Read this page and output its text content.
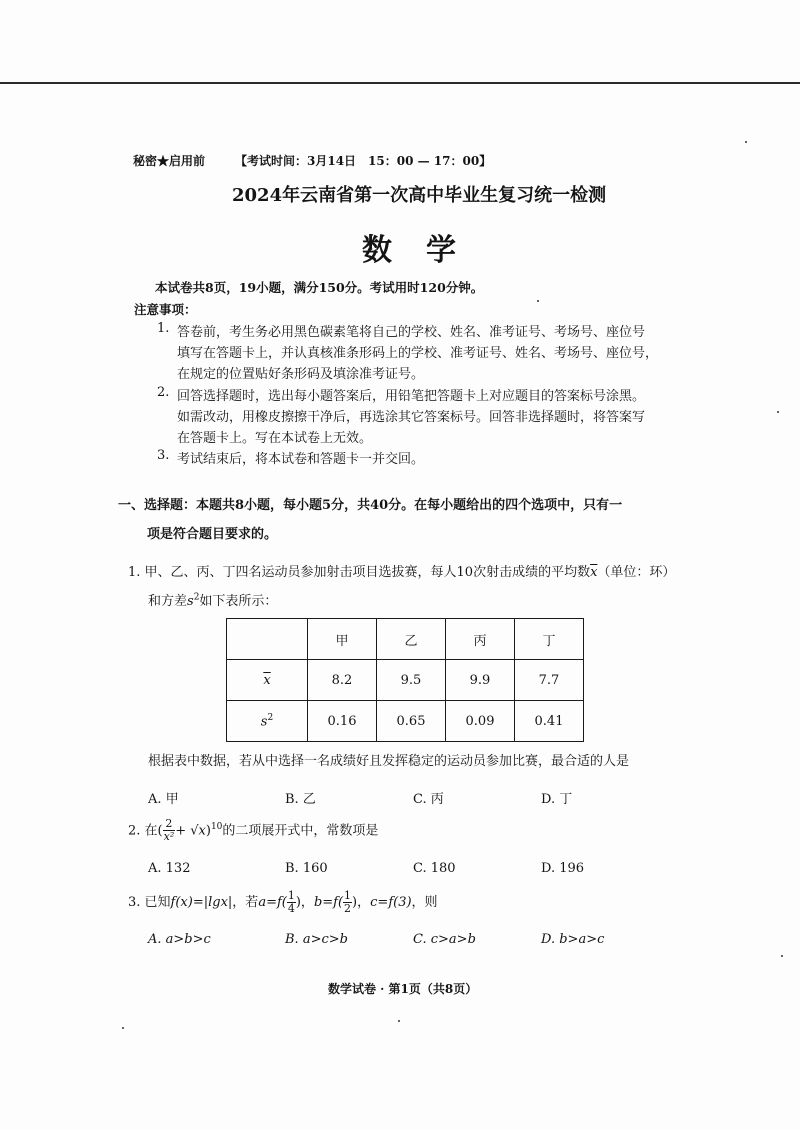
秘密★启用前 【考试时间：3月14日　15：00 — 17：00】
2024年云南省第一次高中毕业生复习统一检测
数学
本试卷共8页，19小题，满分150分。考试用时120分钟。
注意事项：
1. 答卷前，考生务必用黑色碳素笔将自己的学校、姓名、准考证号、考场号、座位号
填写在答题卡上，并认真核准条形码上的学校、准考证号、姓名、考场号、座位号，
在规定的位置贴好条形码及填涂准考证号。
2. 回答选择题时，选出每小题答案后，用铅笔把答题卡上对应题目的答案标号涂黑。
如需改动，用橡皮擦擦干净后，再选涂其它答案标号。回答非选择题时，将答案写
在答题卡上。写在本试卷上无效。
3. 考试结束后，将本试卷和答题卡一并交回。
一、选择题：本题共8小题，每小题5分，共40分。在每小题给出的四个选项中，只有一
项是符合题目要求的。
1. 甲、乙、丙、丁四名运动员参加射击项目选拔赛，每人10次射击成绩的平均数$\overline{x}$（单位：环）
和方差$s^2$如下表所示：
	甲	乙	丙	丁
$\overline{x}$	8.2	9.5	9.9	7.7
$s^2$	0.16	0.65	0.09	0.41
根据表中数据，若从中选择一名成绩好且发挥稳定的运动员参加比赛，最合适的人是
A. 甲	B. 乙	C. 丙	D. 丁
2. 在( $\frac{2}{\text{x²}} + √x)^{10}$的二项展开式中，常数项是
A. 132	B. 160	C. 180	D. 196
3. 已知f(x)=|lgx|，若$a=f( \frac{1}{4}$ )，$b=f( \frac{1}{2}$ )，c=f(3)，则
A. a>b>c	B. a>c>b	C. c>a>b	D. b>a>c
数学试卷 · 第1页（共8页）
